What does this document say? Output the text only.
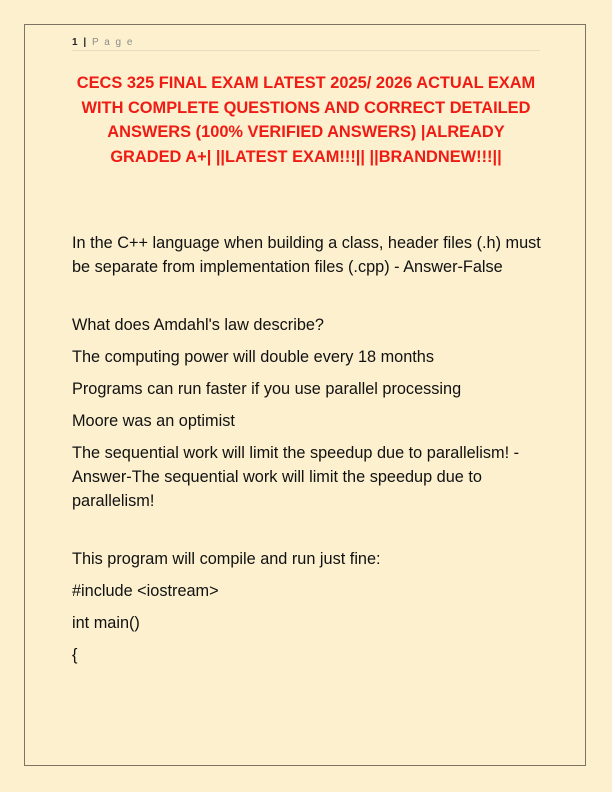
1 | P a g e
CECS 325 FINAL EXAM LATEST 2025/ 2026 ACTUAL EXAM WITH COMPLETE QUESTIONS AND CORRECT DETAILED ANSWERS (100% VERIFIED ANSWERS) |ALREADY GRADED A+| ||LATEST EXAM!!!|| ||BRANDNEW!!!||

In the C++ language when building a class, header files (.h) must be separate from implementation files (.cpp) - Answer-False

What does Amdahl's law describe?

The computing power will double every 18 months

Programs can run faster if you use parallel processing

Moore was an optimist

The sequential work will limit the speedup due to parallelism! - Answer-The sequential work will limit the speedup due to parallelism!

This program will compile and run just fine:

#include <iostream>

int main()

{
